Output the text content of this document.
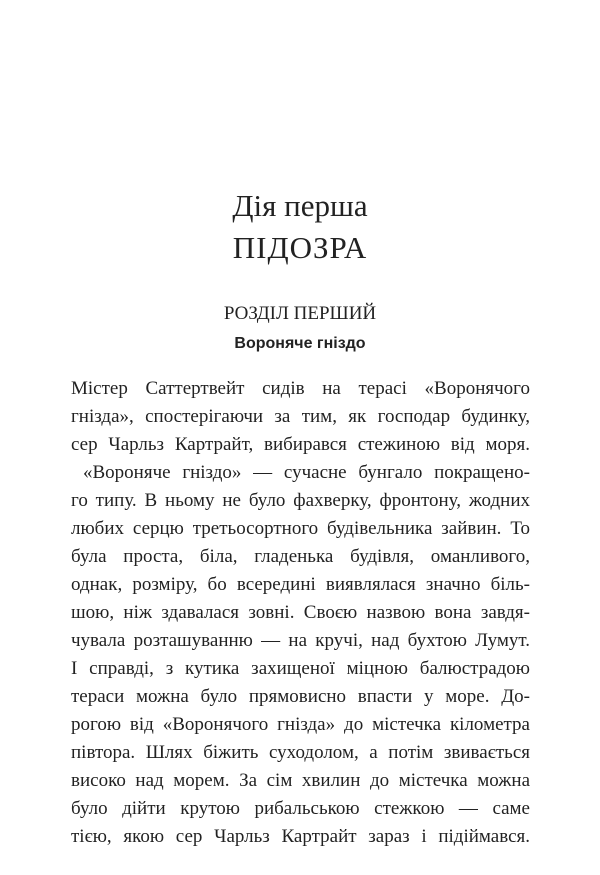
Дія перша
ПІДОЗРА
РОЗДІЛ ПЕРШИЙ
Вороняче гніздо
Містер Саттертвейт сидів на терасі «Воронячого
гнізда», спостерігаючи за тим, як господар будинку,
сер Чарльз Картрайт, вибирався стежиною від моря.
«Вороняче гніздо» — сучасне бунгало покращено-
го типу. В ньому не було фахверку, фронтону, жодних
любих серцю третьосортного будівельника зайвин. То
була проста, біла, гладенька будівля, оманливого,
однак, розміру, бо всередині виявлялася значно біль-
шою, ніж здавалася зовні. Своєю назвою вона завдя-
чувала розташуванню — на кручі, над бухтою Лумут.
І справді, з кутика захищеної міцною балюстрадою
тераси можна було прямовисно впасти у море. До-
рогою від «Воронячого гнізда» до містечка кілометра
півтора. Шлях біжить суходолом, а потім звивається
високо над морем. За сім хвилин до містечка можна
було дійти крутою рибальською стежкою — саме
тією, якою сер Чарльз Картрайт зараз і підіймався.
